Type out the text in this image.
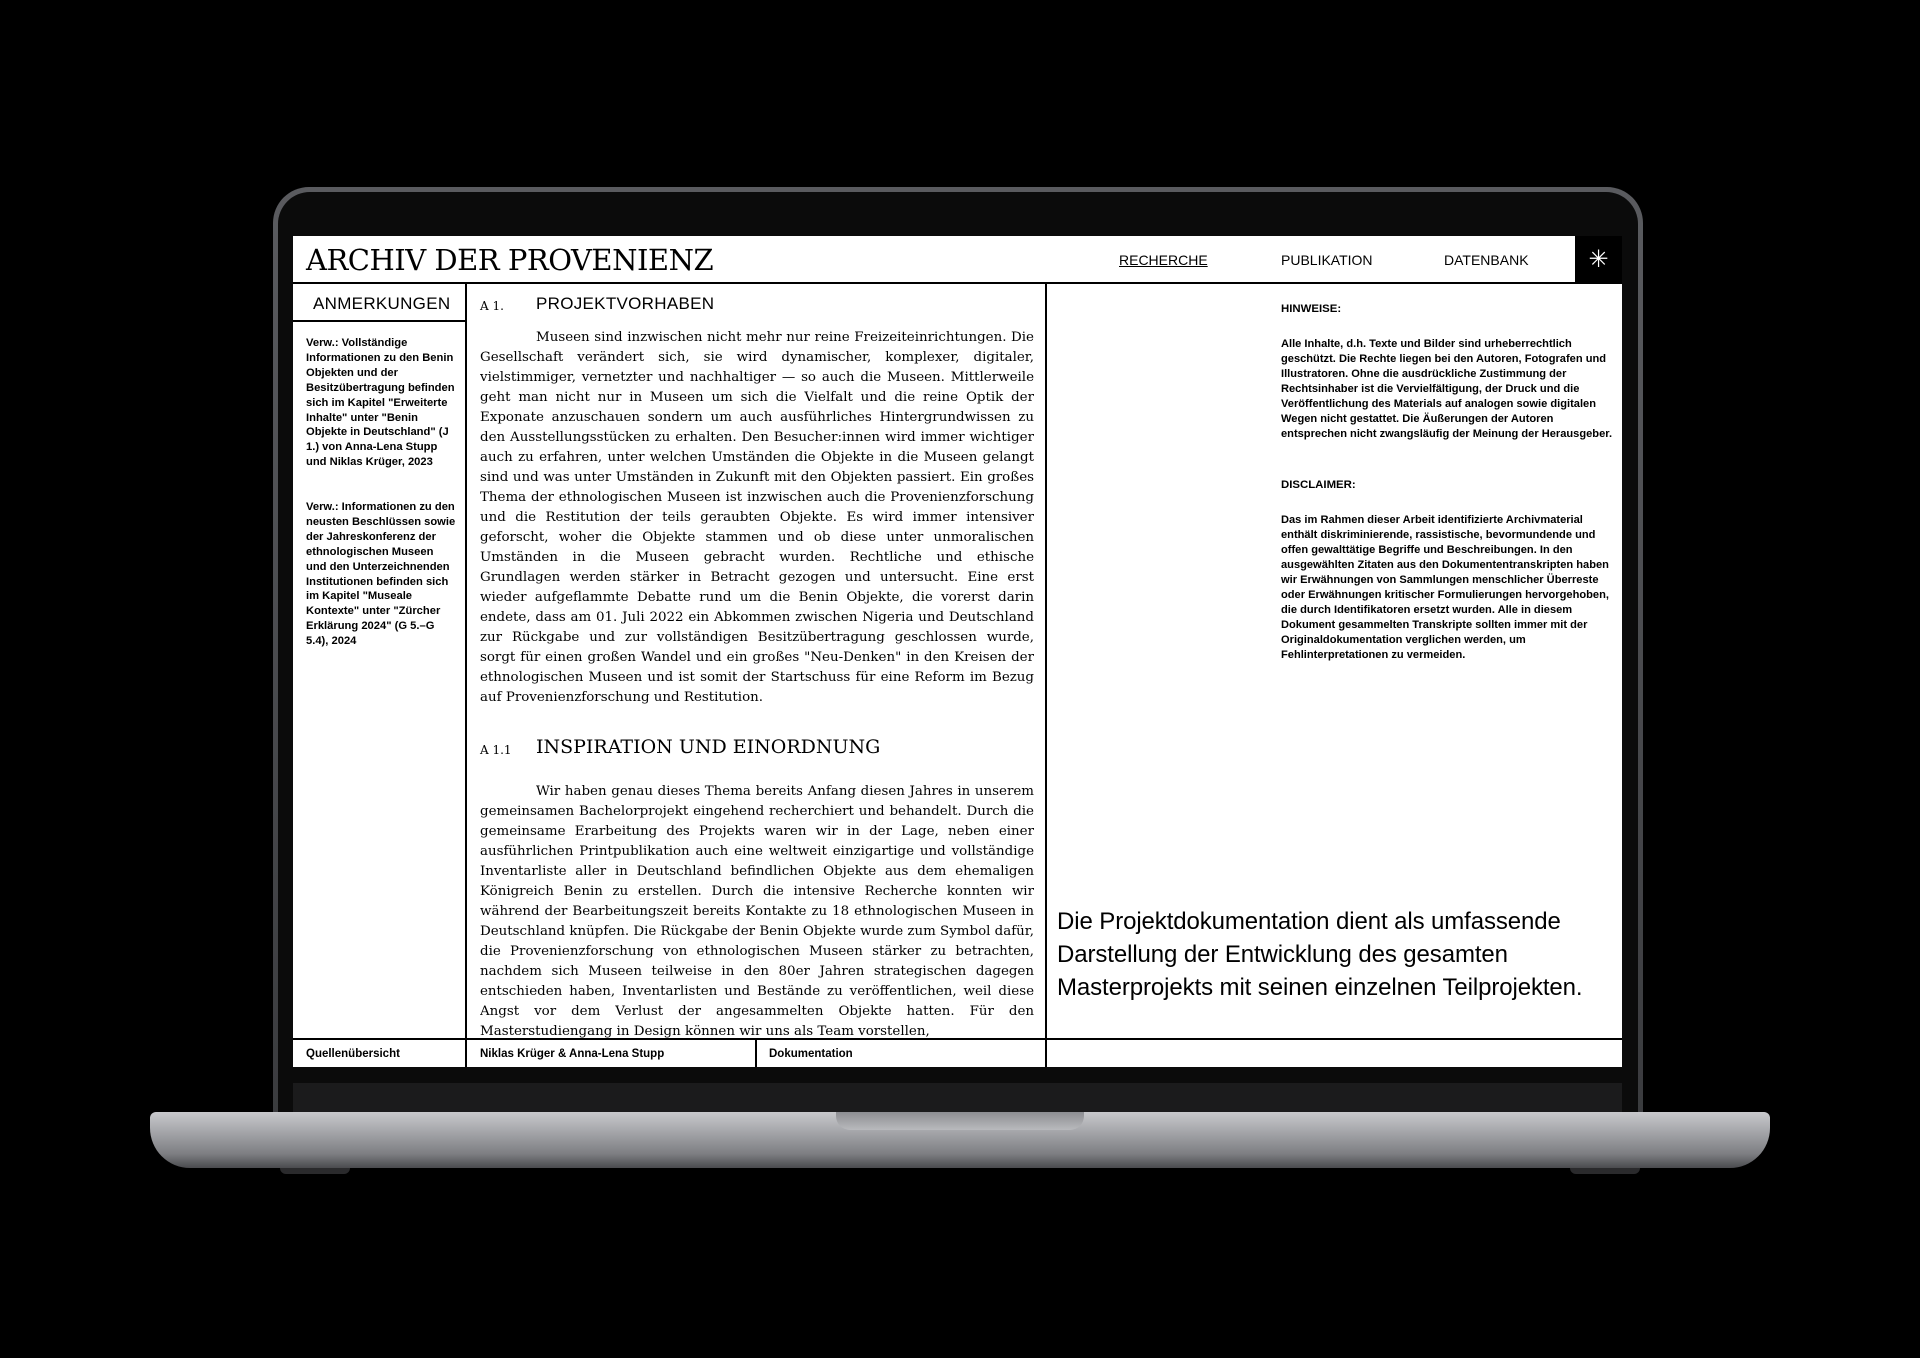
ARCHIV DER PROVENIENZ	RECHERCHE	PUBLIKATION	DATENBANK	✳
ANMERKUNGEN
Verw.: Vollständige Informationen zu den Benin Objekten und der Besitzübertragung befinden sich im Kapitel "Erweiterte Inhalte" unter "Benin Objekte in Deutschland" (J 1.) von Anna-Lena Stupp und Niklas Krüger, 2023
Verw.: Informationen zu den neusten Beschlüssen sowie der Jahreskonferenz der ethnologischen Museen und den Unterzeichnenden Institutionen befinden sich im Kapitel "Museale Kontexte" unter "Zürcher Erklärung 2024" (G 5.–G 5.4), 2024
A 1. PROJEKTVORHABEN

Museen sind inzwischen nicht mehr nur reine Freizeiteinrichtungen. Die Gesellschaft verändert sich, sie wird dynamischer, komplexer, digitaler, vielstimmiger, vernetzter und nachhaltiger — so auch die Museen. Mittlerweile geht man nicht nur in Museen um sich die Vielfalt und die reine Optik der Exponate anzuschauen sondern um auch ausführliches Hintergrundwissen zu den Ausstellungsstücken zu erhalten. Den Besucher:innen wird immer wichtiger auch zu erfahren, unter welchen Umständen die Objekte in die Museen gelangt sind und was unter Umständen in Zukunft mit den Objekten passiert. Ein großes Thema der ethnologischen Museen ist inzwischen auch die Provenienzforschung und die Restitution der teils geraubten Objekte. Es wird immer intensiver geforscht, woher die Objekte stammen und ob diese unter unmoralischen Umständen in die Museen gebracht wurden. Rechtliche und ethische Grundlagen werden stärker in Betracht gezogen und untersucht. Eine erst wieder aufgeflammte Debatte rund um die Benin Objekte, die vorerst darin endete, dass am 01. Juli 2022 ein Abkommen zwischen Nigeria und Deutschland zur Rückgabe und zur vollständigen Besitzübertragung geschlossen wurde, sorgt für einen großen Wandel und ein großes "Neu-Denken" in den Kreisen der ethnologischen Museen und ist somit der Startschuss für eine Reform im Bezug auf Provenienzforschung und Restitution.

A 1.1 INSPIRATION UND EINORDNUNG

Wir haben genau dieses Thema bereits Anfang diesen Jahres in unserem gemeinsamen Bachelorprojekt eingehend recherchiert und behandelt. Durch die gemeinsame Erarbeitung des Projekts waren wir in der Lage, neben einer ausführlichen Printpublikation auch eine weltweit einzigartige und vollständige Inventarliste aller in Deutschland befindlichen Objekte aus dem ehemaligen Königreich Benin zu erstellen. Durch die intensive Recherche konnten wir während der Bearbeitungszeit bereits Kontakte zu 18 ethnologischen Museen in Deutschland knüpfen. Die Rückgabe der Benin Objekte wurde zum Symbol dafür, die Provenienzforschung von ethnologischen Museen stärker zu betrachten, nachdem sich Museen teilweise in den 80er Jahren strategischen dagegen entschieden haben, Inventarlisten und Bestände zu veröffentlichen, weil diese Angst vor dem Verlust der angesammelten Objekte hatten. Für den Masterstudiengang in Design können wir uns als Team vorstellen,

HINWEISE:
Alle Inhalte, d.h. Texte und Bilder sind urheberrechtlich geschützt. Die Rechte liegen bei den Autoren, Fotografen und Illustratoren. Ohne die ausdrückliche Zustimmung der Rechtsinhaber ist die Vervielfältigung, der Druck und die Veröffentlichung des Materials auf analogen sowie digitalen Wegen nicht gestattet. Die Äußerungen der Autoren entsprechen nicht zwangsläufig der Meinung der Herausgeber.
DISCLAIMER:
Das im Rahmen dieser Arbeit identifizierte Archivmaterial enthält diskriminierende, rassistische, bevormundende und offen gewalttätige Begriffe und Beschreibungen. In den ausgewählten Zitaten aus den Dokumententranskripten haben wir Erwähnungen von Sammlungen menschlicher Überreste oder Erwähnungen kritischer Formulierungen hervorgehoben, die durch Identifikatoren ersetzt wurden. Alle in diesem Dokument gesammelten Transkripte sollten immer mit der Originaldokumentation verglichen werden, um Fehlinterpretationen zu vermeiden.
Die Projektdokumentation dient als umfassende Darstellung der Entwicklung des gesamten Masterprojekts mit seinen einzelnen Teilprojekten.
Quellenübersicht	Niklas Krüger & Anna-Lena Stupp	Dokumentation
